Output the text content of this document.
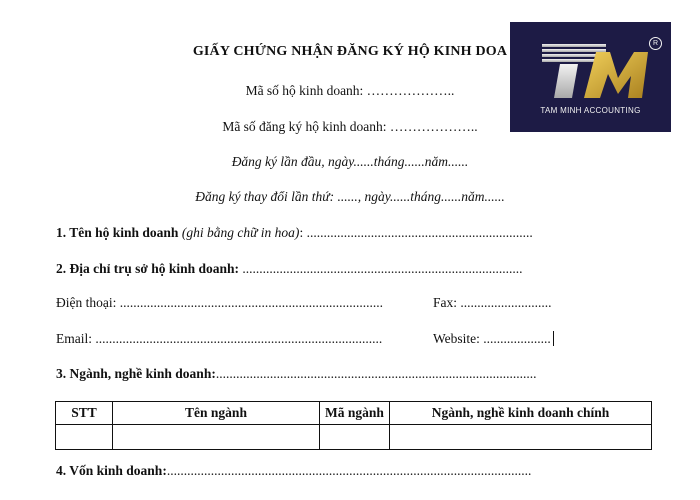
GIẤY CHỨNG NHẬN ĐĂNG KÝ HỘ KINH DOA
Mã số hộ kinh doanh: ………………..
Mã số đăng ký hộ kinh doanh: ………………..
Đăng ký lần đầu, ngày......tháng......năm......
Đăng ký thay đổi lần thứ: ......, ngày......tháng......năm......
1. Tên hộ kinh doanh (ghi bằng chữ in hoa): ...................................................................
2. Địa chỉ trụ sở hộ kinh doanh: ...................................................................................
Điện thoại: ..............................................................................	Fax: ...........................
Email: .....................................................................................	Website: ....................
3. Ngành, nghề kinh doanh:...............................................................................................
STT	Tên ngành	Mã ngành	Ngành, nghề kinh doanh chính

4. Vốn kinh doanh:............................................................................................................
R
TAM MINH ACCOUNTING
